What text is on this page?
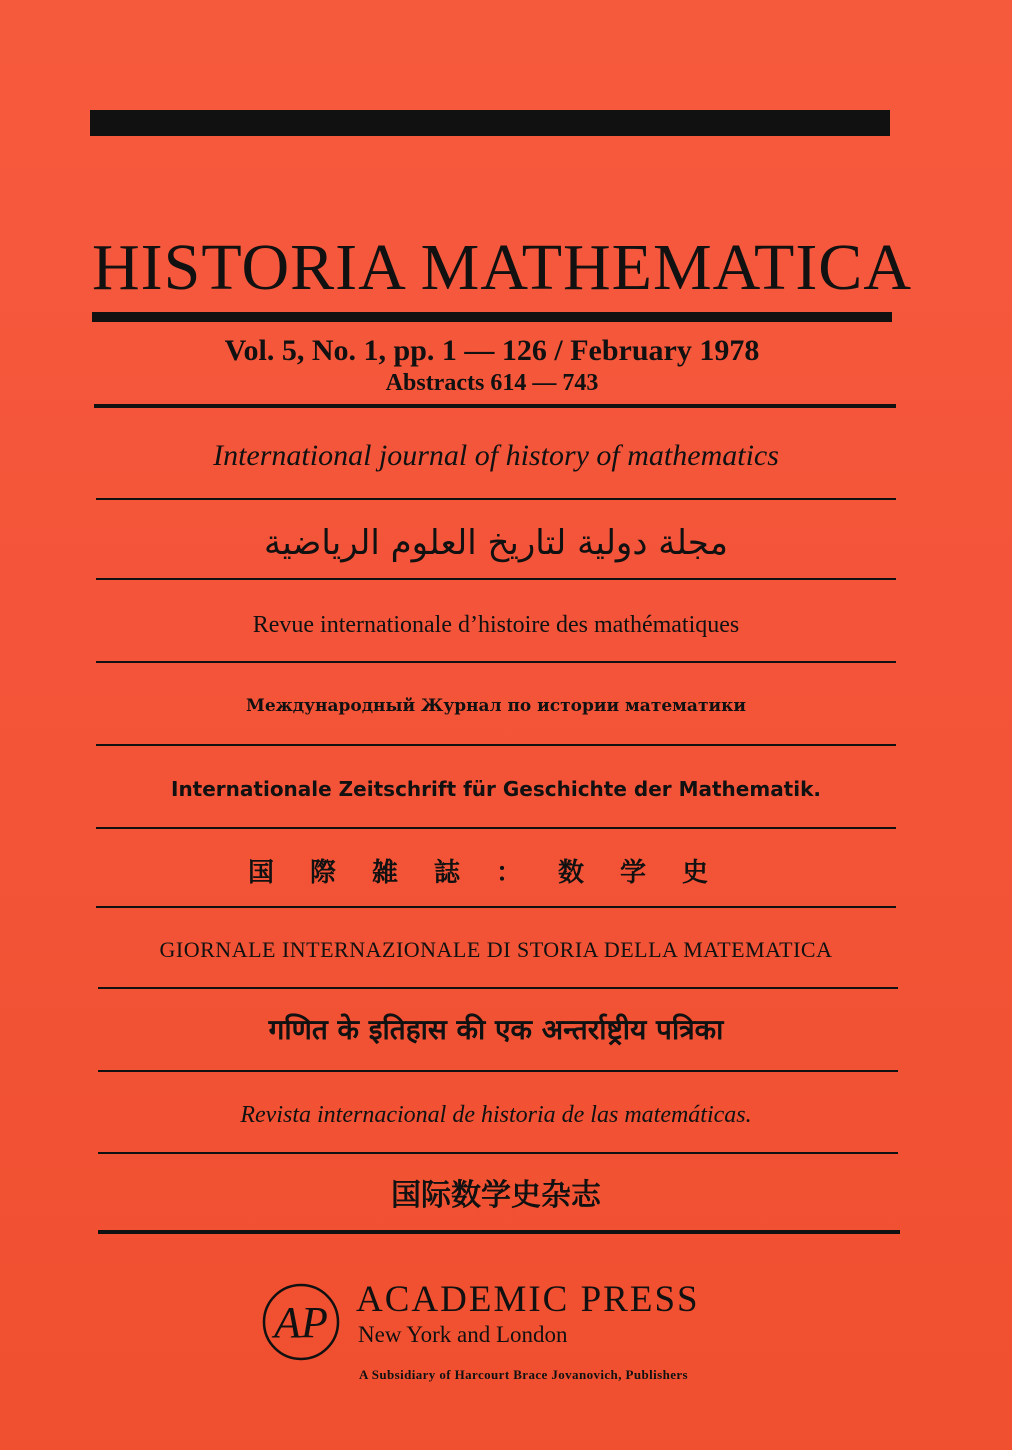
HISTORIA MATHEMATICA
Vol. 5, No. 1, pp. 1 — 126 / February 1978
Abstracts 614 — 743
International journal of history of mathematics
مجلة دولية لتاريخ العلوم الرياضية
Revue internationale d’histoire des mathématiques
Международный Журнал по истории математики
Internationale Zeitschrift für Geschichte der Mathematik.
国際雑誌：数学史
GIORNALE INTERNAZIONALE DI STORIA DELLA MATEMATICA
गणित के इतिहास की एक अन्तर्राष्ट्रीय पत्रिका
Revista internacional de historia de las matemáticas.
国际数学史杂志
AP ACADEMIC PRESS
New York and London
A Subsidiary of Harcourt Brace Jovanovich, Publishers
